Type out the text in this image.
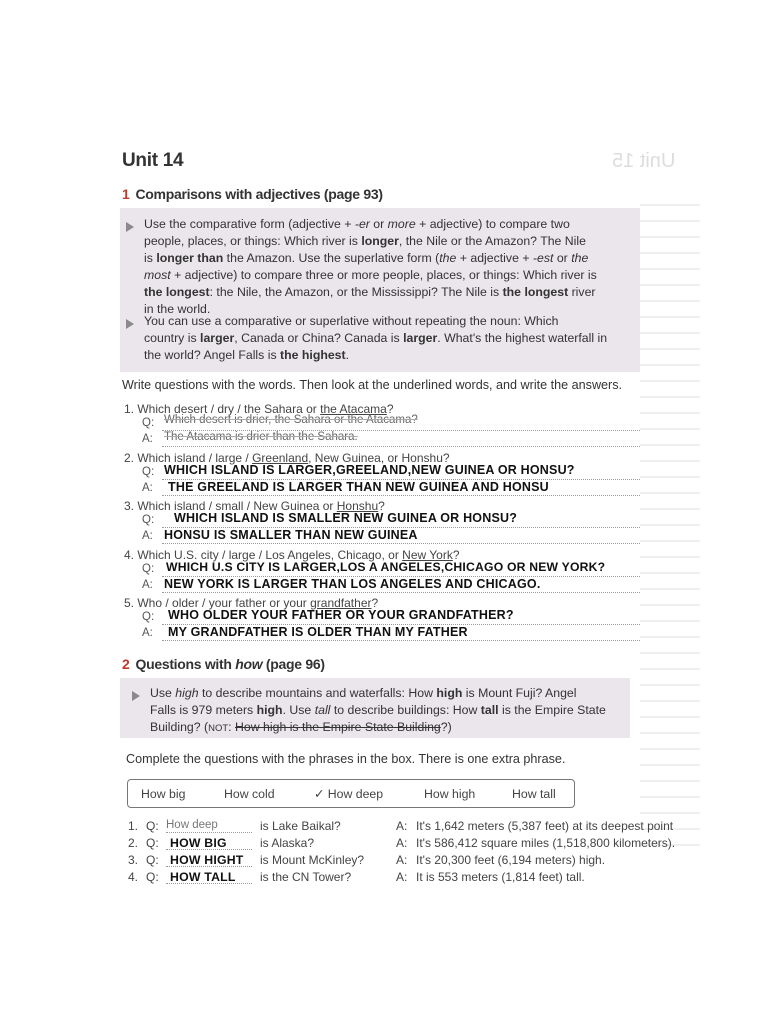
Unit 15
Unit 14
1 Comparisons with adjectives (page 93)

Use the comparative form (adjective + -er or more + adjective) to compare two
people, places, or things: Which river is longer, the Nile or the Amazon? The Nile
is longer than the Amazon. Use the superlative form (the + adjective + -est or the
most + adjective) to compare three or more people, places, or things: Which river is
the longest: the Nile, the Amazon, or the Mississippi? The Nile is the longest river
in the world.

You can use a comparative or superlative without repeating the noun: Which
country is larger, Canada or China? Canada is larger. What's the highest waterfall in
the world? Angel Falls is the highest.

Write questions with the words. Then look at the underlined words, and write the answers.
1. Which desert / dry / the Sahara or the Atacama?
Q: Which desert is drier, the Sahara or the Atacama?
A: The Atacama is drier than the Sahara.
2. Which island / large / Greenland, New Guinea, or Honshu?
Q: WHICH ISLAND IS LARGER,GREELAND,NEW GUINEA OR HONSU?
A: THE GREELAND IS LARGER THAN NEW GUINEA AND HONSU
3. Which island / small / New Guinea or Honshu?
Q: WHICH ISLAND IS SMALLER NEW GUINEA OR HONSU?
A: HONSU IS SMALLER THAN NEW GUINEA
4. Which U.S. city / large / Los Angeles, Chicago, or New York?
Q: WHICH U.S CITY IS LARGER,LOS A ANGELES,CHICAGO OR NEW YORK?
A: NEW YORK IS LARGER THAN LOS ANGELES AND CHICAGO.
5. Who / older / your father or your grandfather?
Q: WHO OLDER YOUR FATHER OR YOUR GRANDFATHER?
A: MY GRANDFATHER IS OLDER THAN MY FATHER
2 Questions with how (page 96)

Use high to describe mountains and waterfalls: How high is Mount Fuji? Angel
Falls is 979 meters high. Use tall to describe buildings: How tall is the Empire State
Building? (NOT: How high is the Empire State Building?)

Complete the questions with the phrases in the box. There is one extra phrase.
How big	How cold	✓ How deep	How high	How tall
1. Q: How deep	is Lake Baikal?	A: It's 1,642 meters (5,387 feet) at its deepest point
2. Q: HOW BIG	is Alaska?	A: It's 586,412 square miles (1,518,800 kilometers).
3. Q: HOW HIGHT is Mount McKinley?	A: It's 20,300 feet (6,194 meters) high.
4. Q: HOW TALL is the CN Tower?	A: It is 553 meters (1,814 feet) tall.
